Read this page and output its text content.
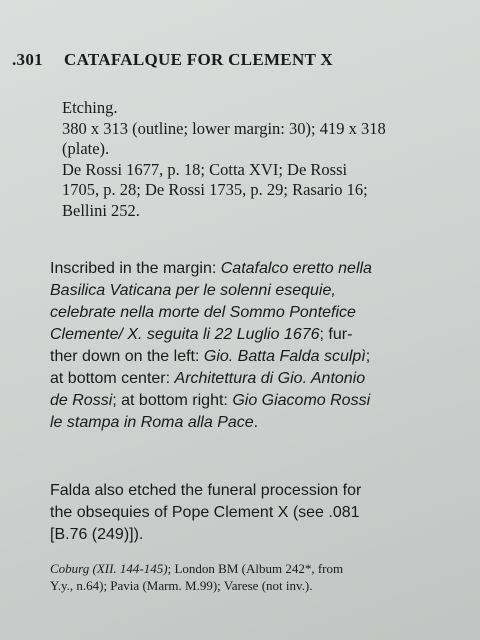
.301 CATAFALQUE FOR CLEMENT X
Etching.
380 x 313 (outline; lower margin: 30); 419 x 318
(plate).
De Rossi 1677, p. 18; Cotta XVI; De Rossi
1705, p. 28; De Rossi 1735, p. 29; Rasario 16;
Bellini 252.
Inscribed in the margin: Catafalco eretto nella
Basilica Vaticana per le solenni esequie,
celebrate nella morte del Sommo Pontefice
Clemente/ X. seguita li 22 Luglio 1676; fur-
ther down on the left: Gio. Batta Falda sculpì;
at bottom center: Architettura di Gio. Antonio
de Rossi; at bottom right: Gio Giacomo Rossi
le stampa in Roma alla Pace.
Falda also etched the funeral procession for
the obsequies of Pope Clement X (see .081
[B.76 (249)]).
Coburg (XII. 144-145); London BM (Album 242*, from
Y.y., n.64); Pavia (Marm. M.99); Varese (not inv.).
